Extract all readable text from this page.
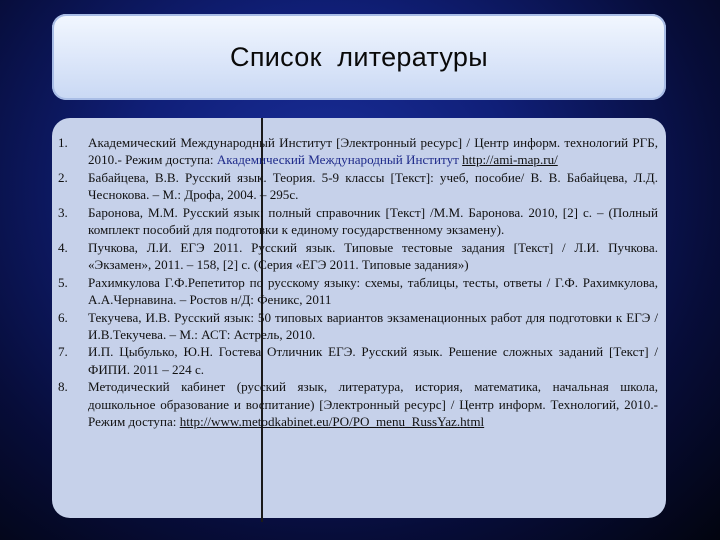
Список  литературы
1. Академический Международный Институт [Электронный ресурс] / Центр информ. технологий РГБ, 2010.- Режим доступа: Академический Международный Институт http://ami-map.ru/
2. Бабайцева, В.В. Русский язык. Теория. 5-9 классы [Текст]: учеб, пособие/ В. В. Бабайцева, Л.Д. Чеснокова. – М.: Дрофа, 2004. – 295с.
3. Баронова, М.М. Русский язык: полный справочник [Текст] /М.М. Баронова. 2010, [2] с. – (Полный комплект пособий для подготовки к единому государственному экзамену).
4. Пучкова, Л.И. ЕГЭ 2011. Русский язык. Типовые тестовые задания [Текст] / Л.И. Пучкова. «Экзамен», 2011. – 158, [2] с. (Серия «ЕГЭ 2011. Типовые задания»)
5. Рахимкулова Г.Ф.Репетитор по русскому языку: схемы, таблицы, тесты, ответы / Г.Ф. Рахимкулова, А.А.Чернавина. – Ростов н/Д: Феникс, 2011
6. Текучева, И.В. Русский язык: 50 типовых вариантов экзаменационных работ для подготовки к ЕГЭ / И.В.Текучева. – М.: АСТ: Астрель, 2010.
7. И.П. Цыбулько, Ю.Н. Гостева Отличник ЕГЭ. Русский язык. Решение сложных заданий [Текст] / ФИПИ. 2011 – 224 с.
8. Методический кабинет (русский язык, литература, история, математика, начальная школа, дошкольное образование и воспитание) [Электронный ресурс] / Центр информ. Технологий, 2010.- Режим доступа: http://www.metodkabinet.eu/PO/PO_menu_RussYaz.html
